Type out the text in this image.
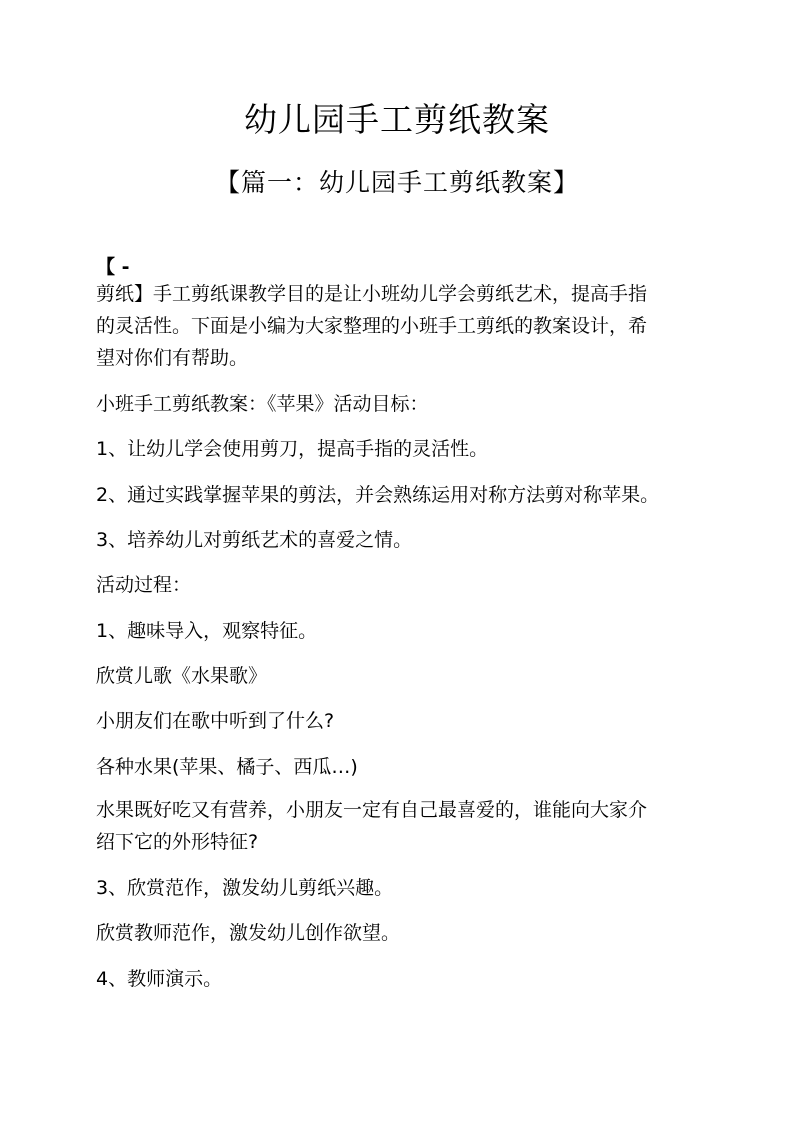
幼儿园手工剪纸教案
【篇一：幼儿园手工剪纸教案】

【 -

剪纸】手工剪纸课教学目的是让小班幼儿学会剪纸艺术，提高手指

的灵活性。下面是小编为大家整理的小班手工剪纸的教案设计，希

望对你们有帮助。

小班手工剪纸教案：《苹果》活动目标：

1、让幼儿学会使用剪刀，提高手指的灵活性。

2、通过实践掌握苹果的剪法，并会熟练运用对称方法剪对称苹果。

3、培养幼儿对剪纸艺术的喜爱之情。

活动过程：

1、趣味导入，观察特征。

欣赏儿歌《水果歌》

小朋友们在歌中听到了什么?

各种水果(苹果、橘子、西瓜…)

水果既好吃又有营养，小朋友一定有自己最喜爱的，谁能向大家介

绍下它的外形特征?

3、欣赏范作，激发幼儿剪纸兴趣。

欣赏教师范作，激发幼儿创作欲望。

4、教师演示。
